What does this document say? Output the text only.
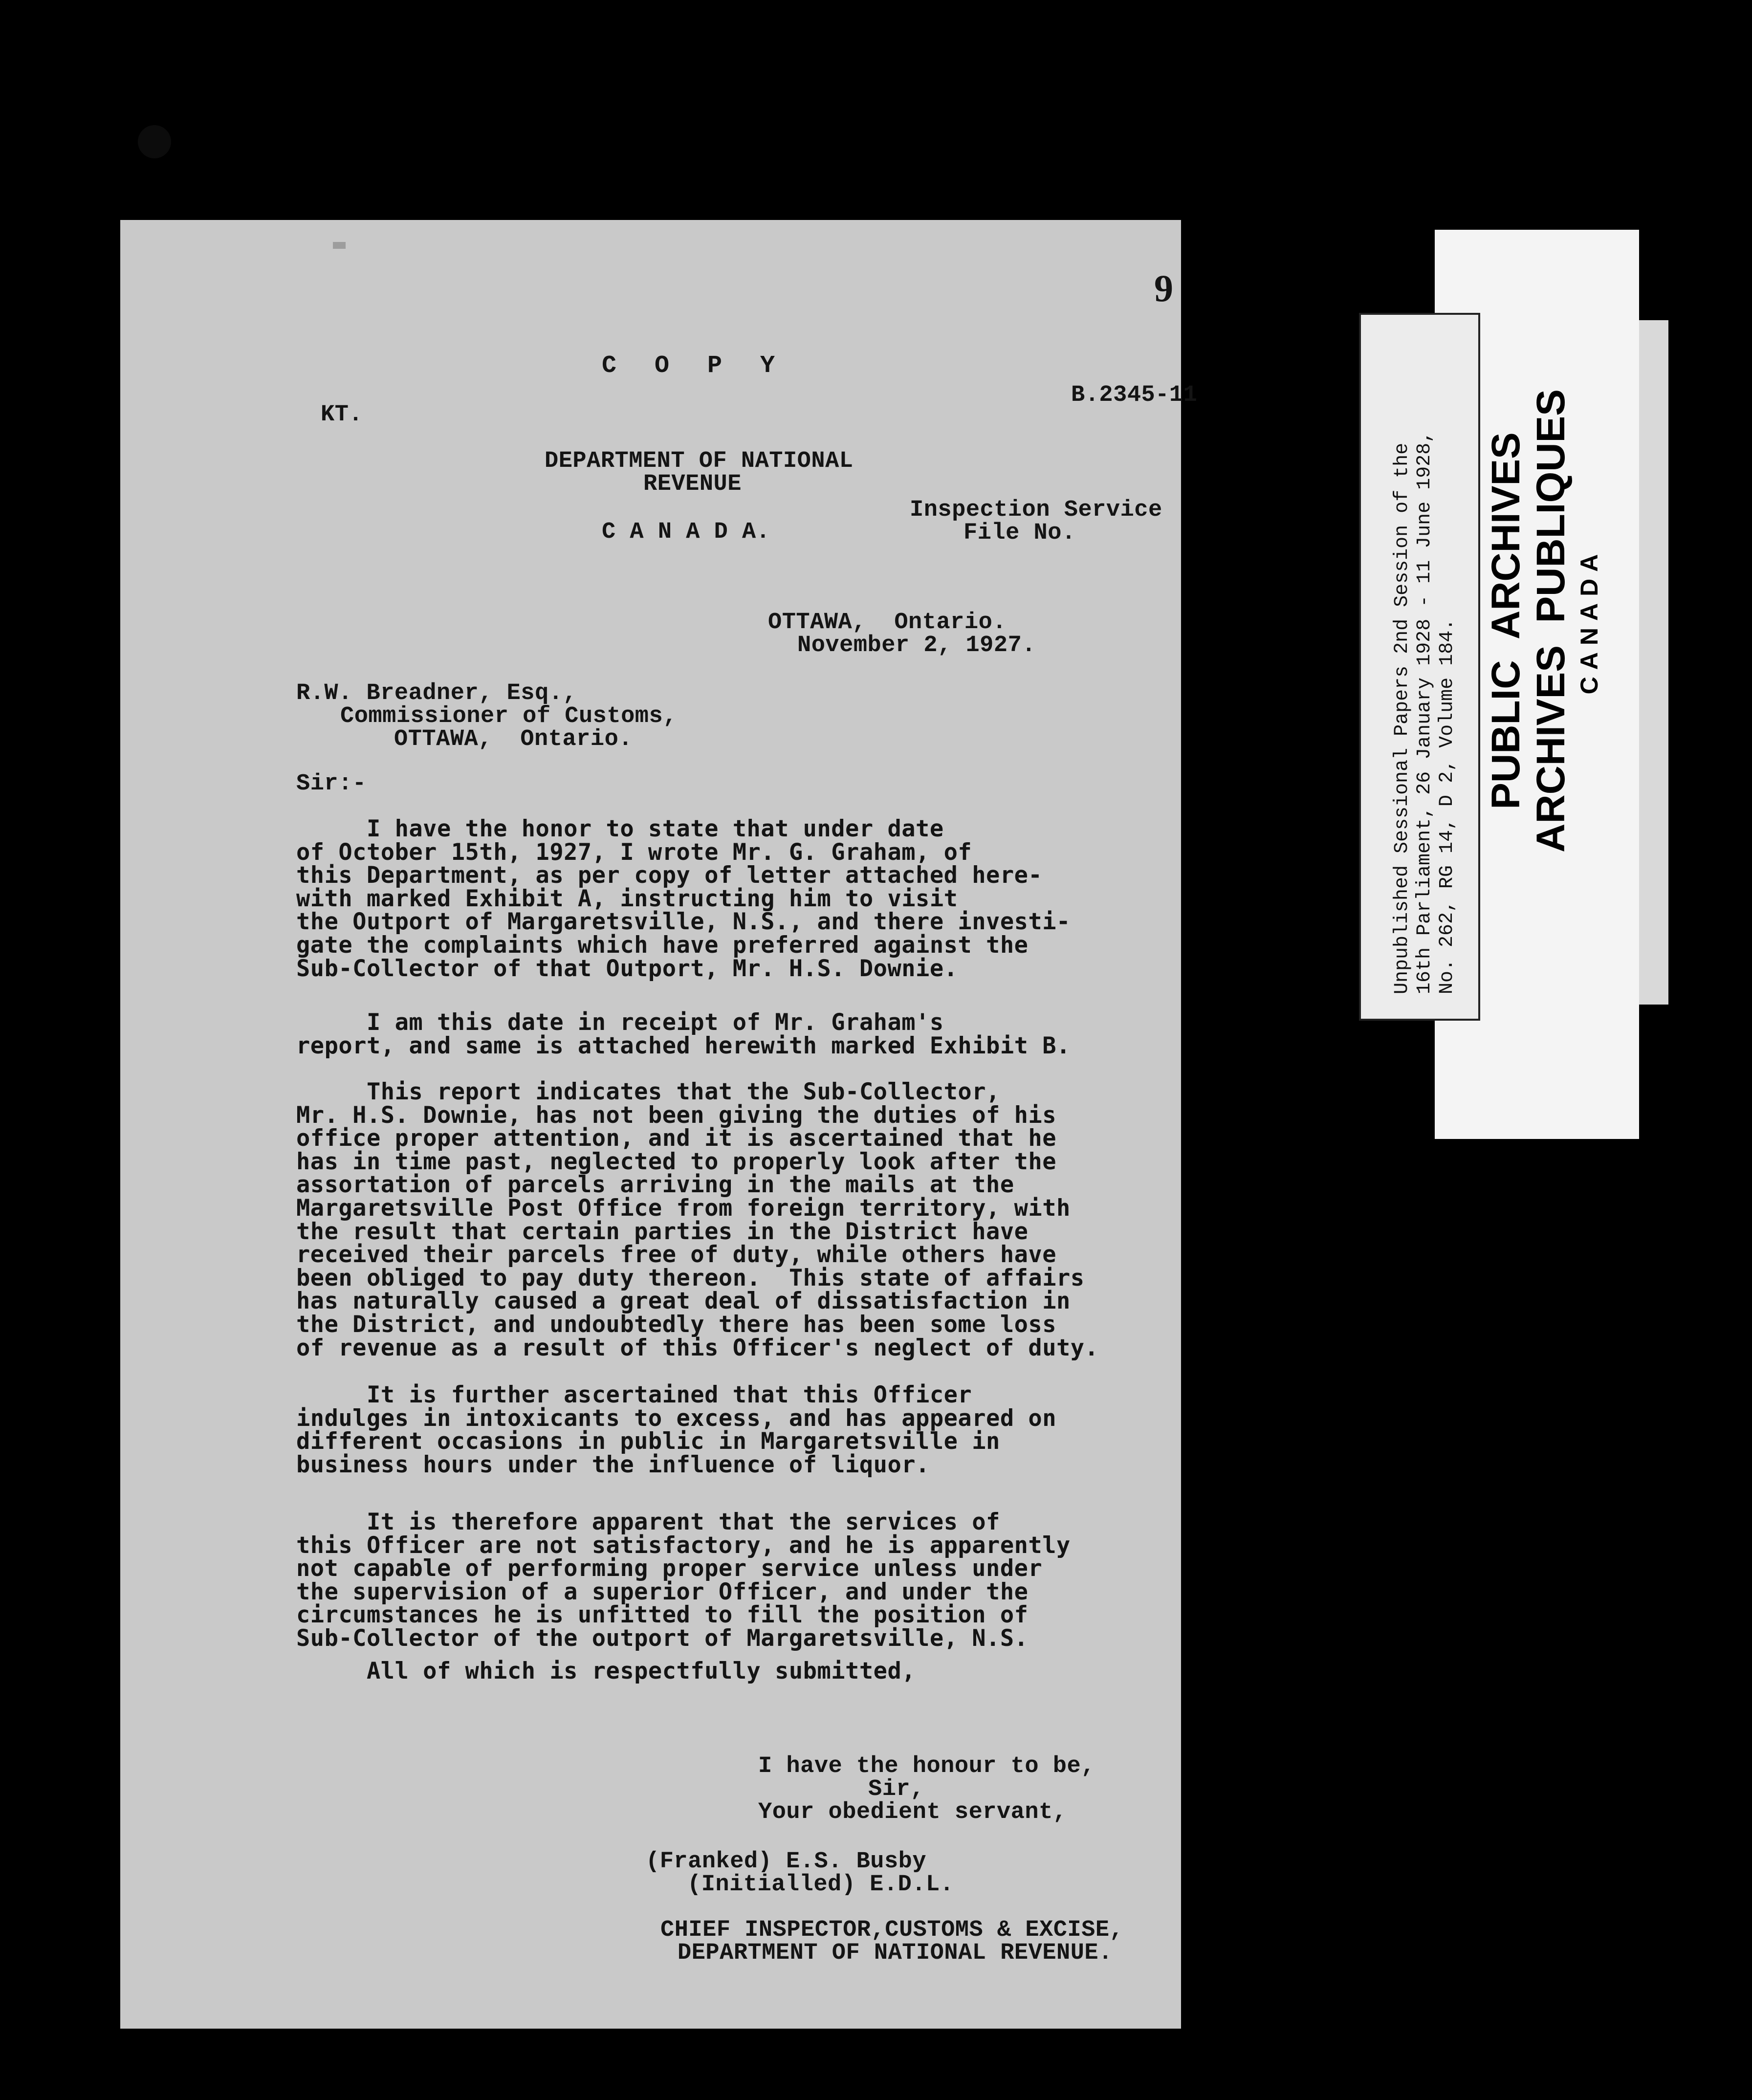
9
C  O  P  Y
B.2345-11
KT.
DEPARTMENT OF NATIONAL
REVENUE
C A N A D A.
Inspection Service
File No.
OTTAWA,  Ontario.
November 2, 1927.
R.W. Breadner, Esq.,
Commissioner of Customs,
OTTAWA,  Ontario.
Sir:-
I have the honor to state that under date
of October 15th, 1927, I wrote Mr. G. Graham, of
this Department, as per copy of letter attached here-
with marked Exhibit A, instructing him to visit
the Outport of Margaretsville, N.S., and there investi-
gate the complaints which have preferred against the
Sub-Collector of that Outport, Mr. H.S. Downie.
I am this date in receipt of Mr. Graham's
report, and same is attached herewith marked Exhibit B.
This report indicates that the Sub-Collector,
Mr. H.S. Downie, has not been giving the duties of his
office proper attention, and it is ascertained that he
has in time past, neglected to properly look after the
assortation of parcels arriving in the mails at the
Margaretsville Post Office from foreign territory, with
the result that certain parties in the District have
received their parcels free of duty, while others have
been obliged to pay duty thereon.  This state of affairs
has naturally caused a great deal of dissatisfaction in
the District, and undoubtedly there has been some loss
of revenue as a result of this Officer's neglect of duty.
It is further ascertained that this Officer
indulges in intoxicants to excess, and has appeared on
different occasions in public in Margaretsville in
business hours under the influence of liquor.
It is therefore apparent that the services of
this Officer are not satisfactory, and he is apparently
not capable of performing proper service unless under
the supervision of a superior Officer, and under the
circumstances he is unfitted to fill the position of
Sub-Collector of the outport of Margaretsville, N.S.
All of which is respectfully submitted,
I have the honour to be,
Sir,
Your obedient servant,
(Franked) E.S. Busby
(Initialled) E.D.L.
CHIEF INSPECTOR,CUSTOMS & EXCISE,
DEPARTMENT OF NATIONAL REVENUE.
PUBLIC  ARCHIVES ARCHIVES  PUBLIQUES CANADA
Unpublished Sessional Papers 2nd Session of the 16th Parliament, 26 January 1928 - 11 June 1928, No. 262, RG 14, D 2, Volume 184.
